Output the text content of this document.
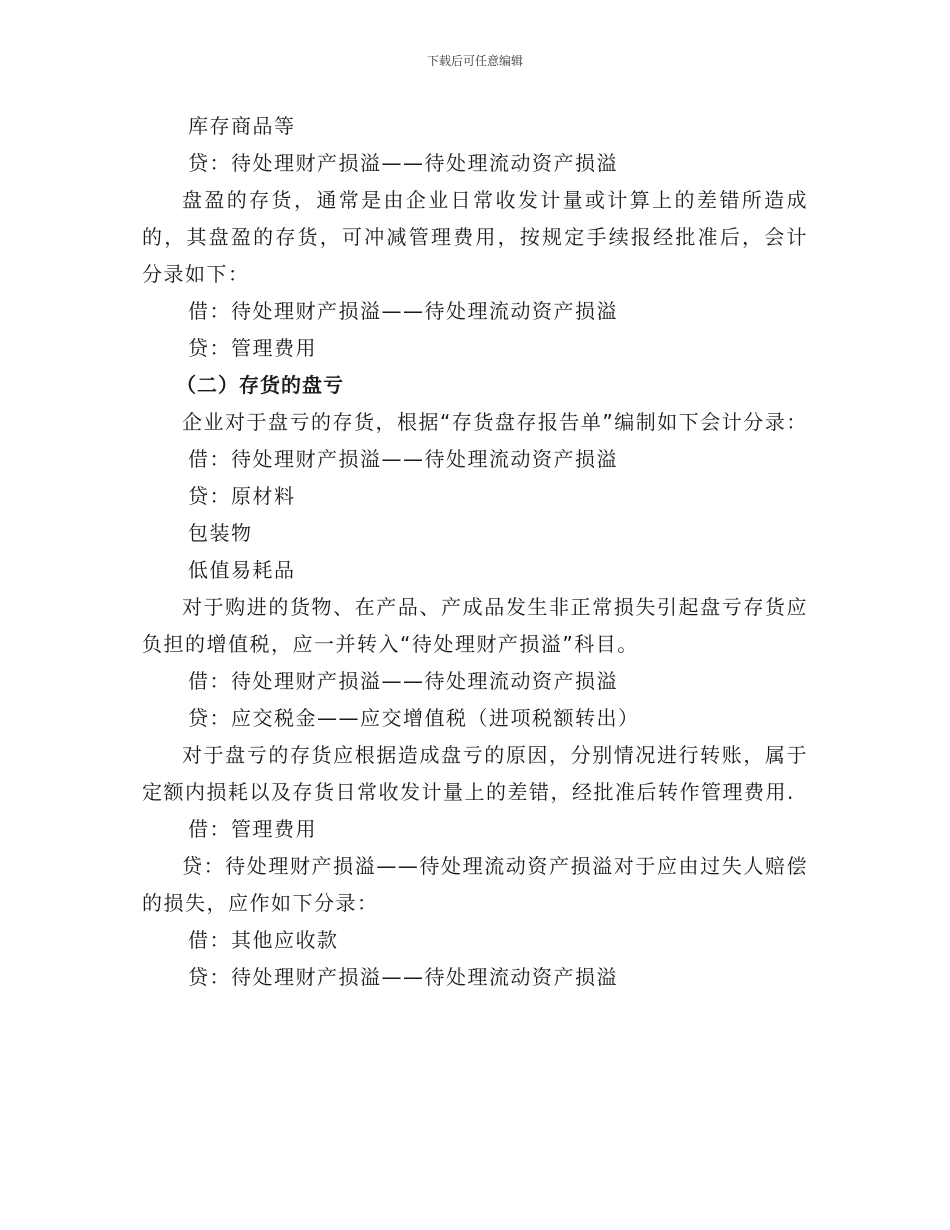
下载后可任意编辑
库存商品等
贷：待处理财产损溢——待处理流动资产损溢

盘盈的存货，通常是由企业日常收发计量或计算上的差错所造成的，其盘盈的存货，可冲减管理费用，按规定手续报经批准后，会计分录如下：

借：待处理财产损溢——待处理流动资产损溢
贷：管理费用
（二）存货的盘亏

企业对于盘亏的存货，根据“存货盘存报告单”编制如下会计分录：

借：待处理财产损溢——待处理流动资产损溢
贷：原材料
包装物
低值易耗品

对于购进的货物、在产品、产成品发生非正常损失引起盘亏存货应负担的增值税，应一并转入“待处理财产损溢”科目。

借：待处理财产损溢——待处理流动资产损溢
贷：应交税金——应交增值税（进项税额转出）

对于盘亏的存货应根据造成盘亏的原因，分别情况进行转账，属于定额内损耗以及存货日常收发计量上的差错，经批准后转作管理费用.

借：管理费用

贷：待处理财产损溢——待处理流动资产损溢对于应由过失人赔偿的损失，应作如下分录：

借：其他应收款
贷：待处理财产损溢——待处理流动资产损溢
